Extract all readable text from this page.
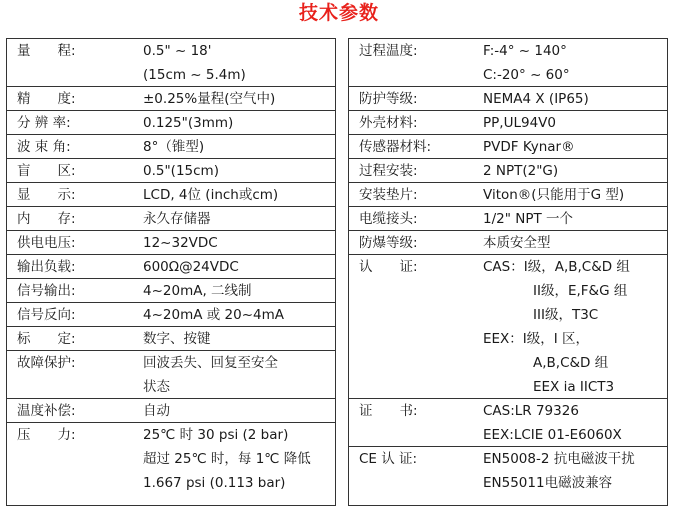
技术参数
量　　程:	0.5" ~ 18'
(15cm ~ 5.4m)
精　　度:	±0.25%量程(空气中)
分 辨 率:	0.125"(3mm)
波 束 角:	8°（锥型)
盲　　区:	0.5"(15cm)
显　　示:	LCD, 4位 (inch或cm)
内　　存:	永久存储器
供电电压:	12~32VDC
输出负载:	600Ω@24VDC
信号输出:	4~20mA, 二线制
信号反向:	4~20mA 或 20~4mA
标　　定:	数字、按键
故障保护:	回波丢失、回复至安全
状态
温度补偿:	自动
压　　力:	25℃ 时 30 psi (2 bar)
超过 25℃ 时，每 1℃ 降低
1.667 psi (0.113 bar)
过程温度:	F:-4° ~ 140°
C:-20° ~ 60°
防护等级:	NEMA4 X (IP65)
外壳材料:	PP,UL94V0
传感器材料:	PVDF Kynar®
过程安装:	2 NPT(2"G)
安装垫片:	Viton®(只能用于G 型)
电缆接头:	1/2" NPT 一个
防爆等级:	本质安全型
认　　证:	CAS：I级，A,B,C&D 组
II级，E,F&G 组
III级，T3C
EEX：I级，I 区，
A,B,C&D 组
EEX ia IICT3
证　　书:	CAS:LR 79326
EEX:LCIE 01-E6060X
CE 认 证:	EN5008-2 抗电磁波干扰
EN55011电磁波兼容
